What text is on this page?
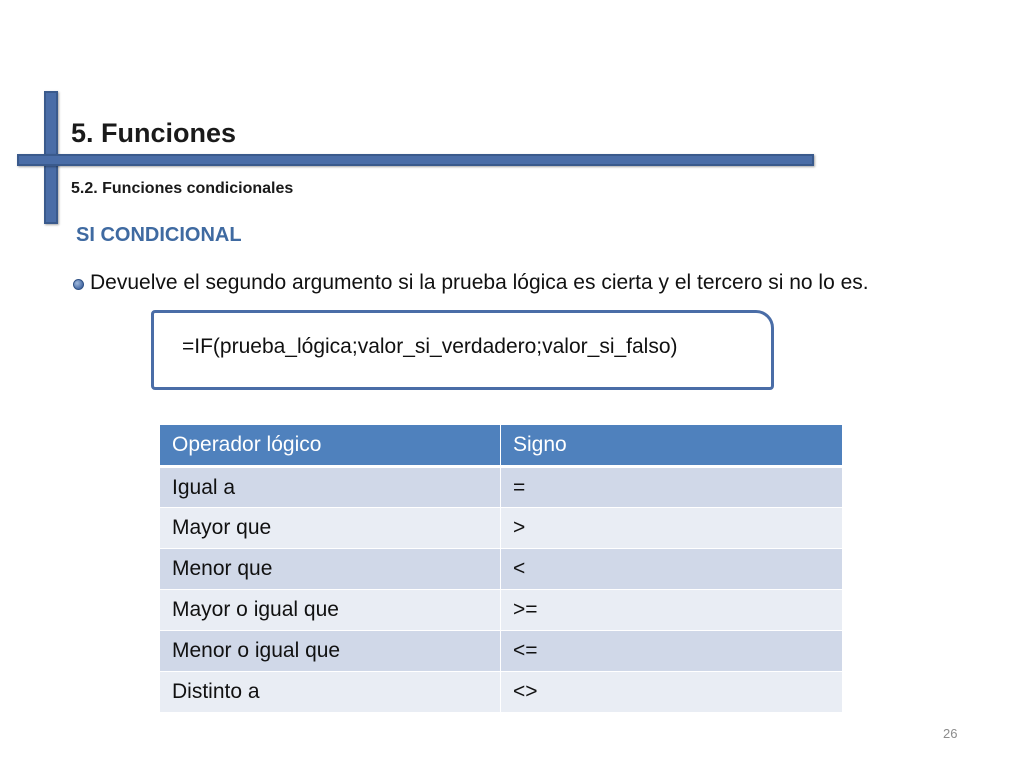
5. Funciones
5.2. Funciones condicionales
SI CONDICIONAL
Devuelve el segundo argumento si la prueba lógica es cierta y el tercero si no lo es.
=IF(prueba_lógica;valor_si_verdadero;valor_si_falso)
Operador lógico	Signo
Igual a	=
Mayor que	>
Menor que	<
Mayor o igual que	>=
Menor o igual que	<=
Distinto a	<>
26
